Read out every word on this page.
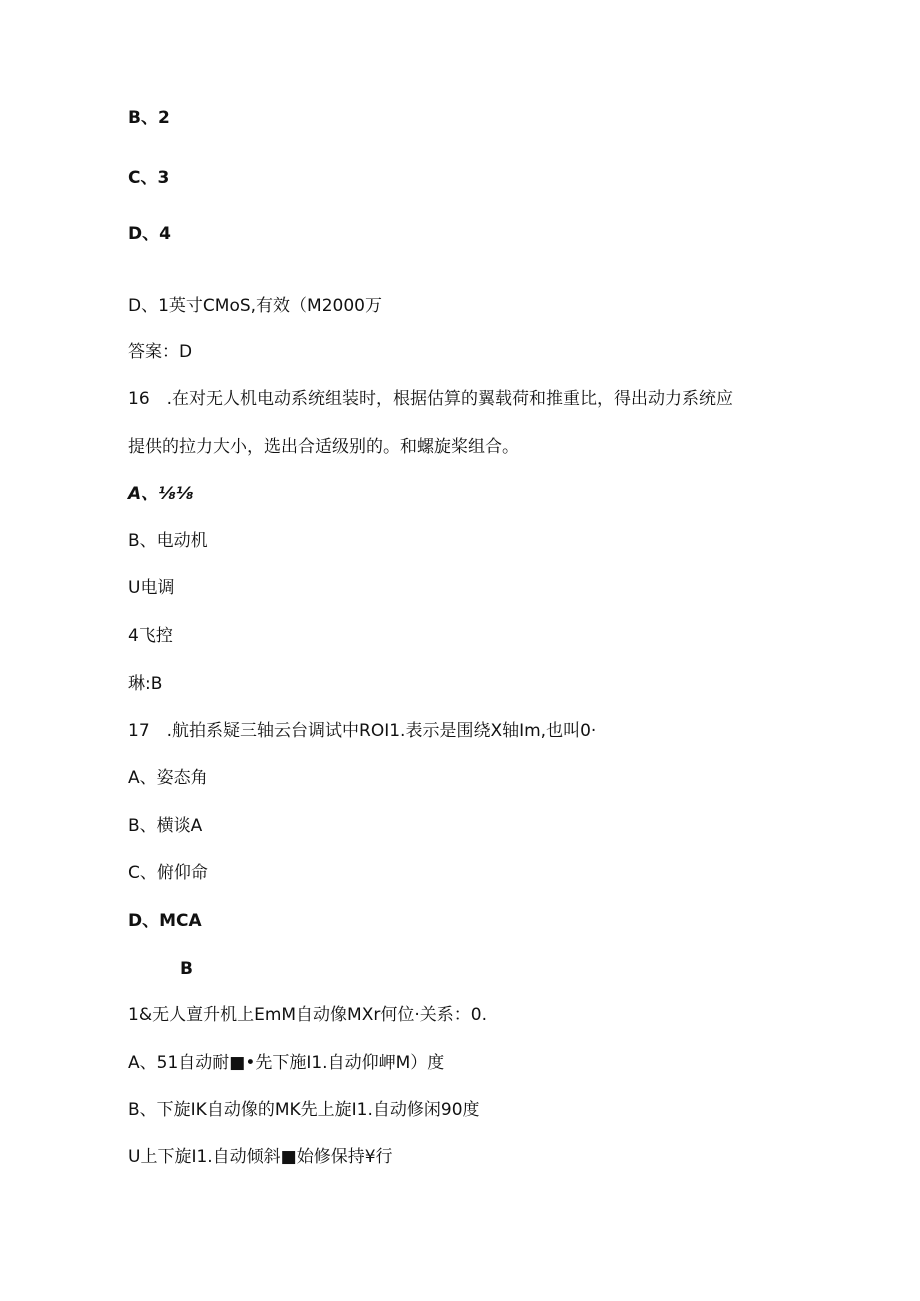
B、2
C、3
D、4
D、1英寸CMoS,有效（M2000万
答案：D
16　.在对无人机电动系统组装时，根据估算的翼载荷和推重比，得出动力系统应
提供的拉力大小，选出合适级别的。和螺旋桨组合。
A、⅛⅛
B、电动机
U电调
4飞控
琳:B
17　.航拍系疑三轴云台调试中ROI1.表示是围绕X轴Im,也叫0·
A、姿态角
B、横谈A
C、俯仰命
D、MCA
B
1&无人亶升机上EmM自动像MXr何位·关系：0.
A、51自动耐■•先下施I1.自动仰岬M）度
B、下旋IK自动像的MK先上旋I1.自动修闲90度
U上下旋I1.自动倾斜■始修保持¥行
